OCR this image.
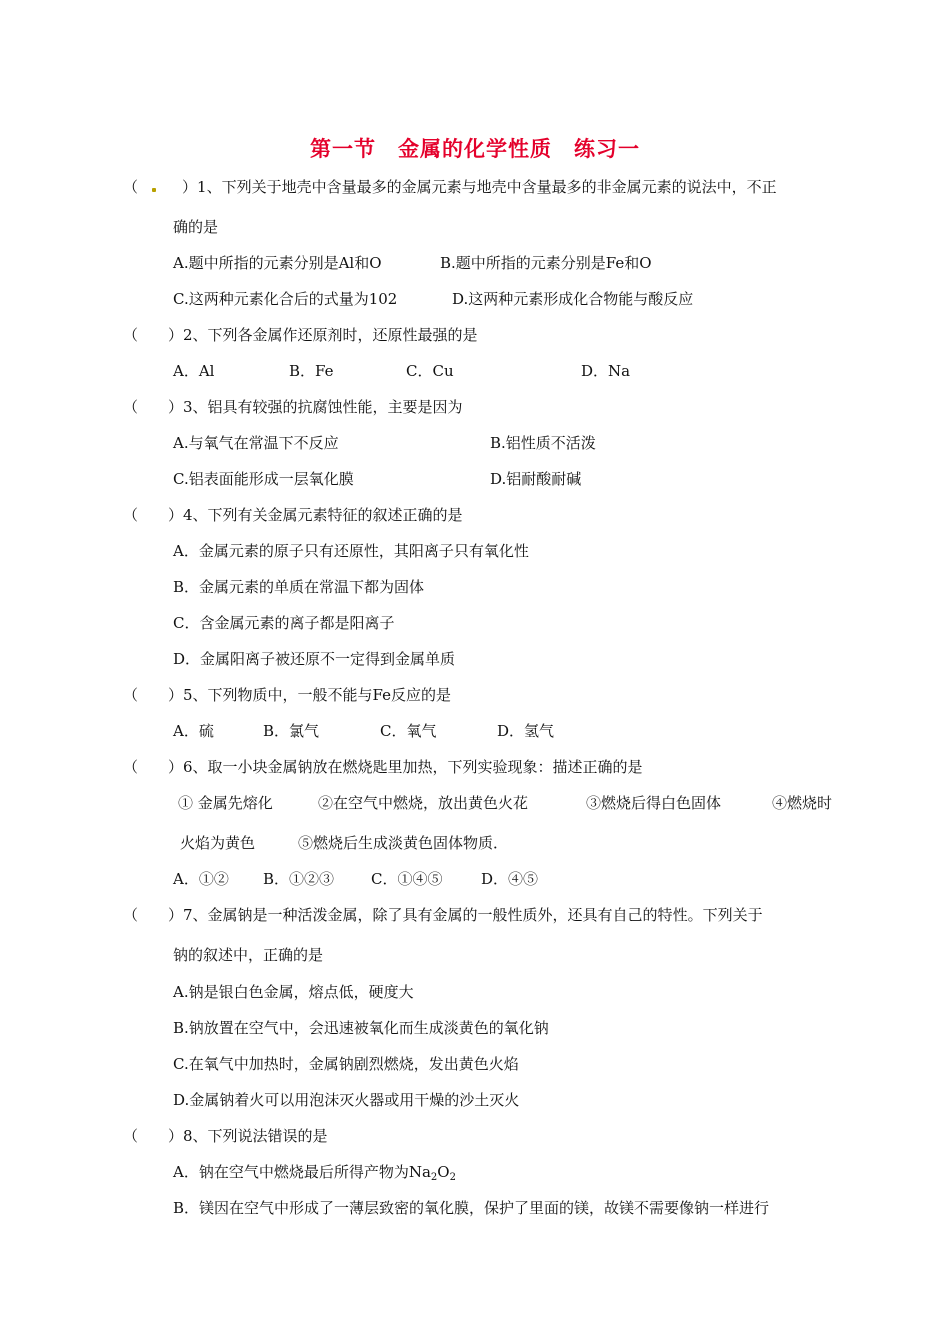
第一节　金属的化学性质　练习一
（	）1、下列关于地壳中含量最多的金属元素与地壳中含量最多的非金属元素的说法中，不正
确的是
A.题中所指的元素分别是Al和O	B.题中所指的元素分别是Fe和O
C.这两种元素化合后的式量为102	D.这两种元素形成化合物能与酸反应
（　　）2、下列各金属作还原剂时，还原性最强的是
A．Al	B．Fe	C．Cu	D．Na
（　　）3、铝具有较强的抗腐蚀性能，主要是因为
A.与氧气在常温下不反应	B.铝性质不活泼
C.铝表面能形成一层氧化膜	D.铝耐酸耐碱
（　　）4、下列有关金属元素特征的叙述正确的是
A．金属元素的原子只有还原性，其阳离子只有氧化性
B．金属元素的单质在常温下都为固体
C．含金属元素的离子都是阳离子
D．金属阳离子被还原不一定得到金属单质
（　　）5、下列物质中，一般不能与Fe反应的是
A．硫	B．氯气	C．氧气	D．氢气
（　　）6、取一小块金属钠放在燃烧匙里加热，下列实验现象：描述正确的是
① 金属先熔化	②在空气中燃烧，放出黄色火花	③燃烧后得白色固体	④燃烧时
火焰为黄色	⑤燃烧后生成淡黄色固体物质．
A．①② B．①②③ C．①④⑤	D．④⑤
（　　）7、金属钠是一种活泼金属，除了具有金属的一般性质外，还具有自己的特性。下列关于
钠的叙述中，正确的是
A.钠是银白色金属，熔点低，硬度大
B.钠放置在空气中，会迅速被氧化而生成淡黄色的氧化钠
C.在氧气中加热时，金属钠剧烈燃烧，发出黄色火焰
D.金属钠着火可以用泡沫灭火器或用干燥的沙土灭火
（　　）8、下列说法错误的是
A．钠在空气中燃烧最后所得产物为$Na_2O_2$
B．镁因在空气中形成了一薄层致密的氧化膜，保护了里面的镁，故镁不需要像钠一样进行
